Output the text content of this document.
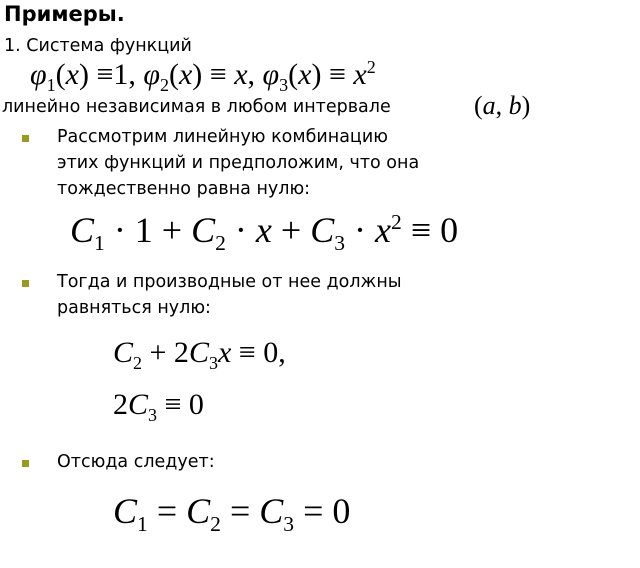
Примеры.
1. Система функций
$\varphi_1(x) \equiv 1$, $\varphi_2(x) \equiv x$, $\varphi_3(x) \equiv x^2$
линейно независимая в любом интервале	(a, b)
Рассмотрим линейную комбинацию
этих функций и предположим, что она
тождественно равна нулю:
$C_1 \cdot 1 + C_2 \cdot x + C_3 \cdot x^2 \equiv 0$
Тогда и производные от нее должны
равняться нулю:
$C_2 + 2C_3x \equiv 0$,
$2C_3 \equiv 0$
Отсюда следует:
$C_1 = C_2 = C_3 = 0$
